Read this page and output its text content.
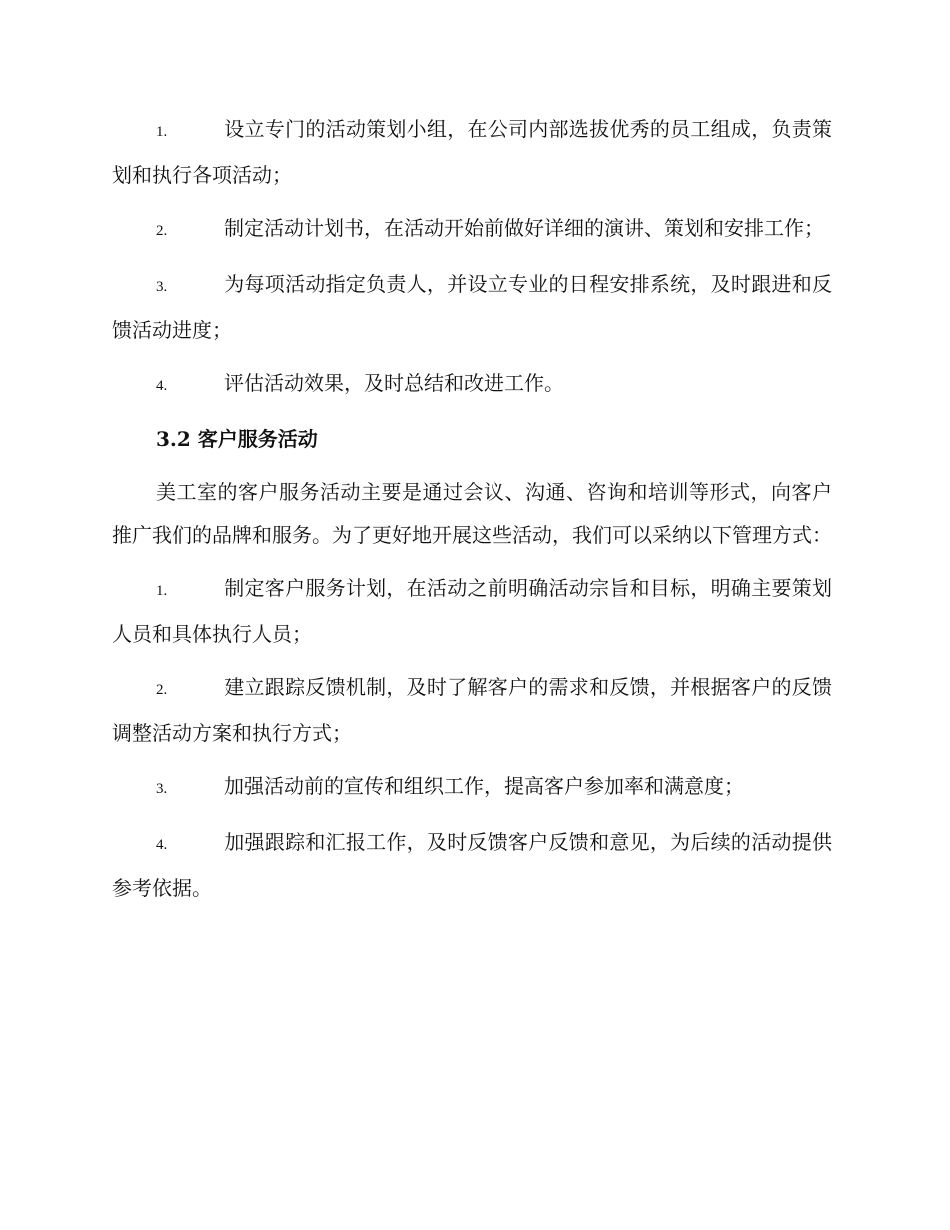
1.	设立专门的活动策划小组，在公司内部选拔优秀的员工组成，负责策划和执行各项活动；
2.	制定活动计划书，在活动开始前做好详细的演讲、策划和安排工作；
3.	为每项活动指定负责人，并设立专业的日程安排系统，及时跟进和反馈活动进度；
4.	评估活动效果，及时总结和改进工作。
3.2 客户服务活动
美工室的客户服务活动主要是通过会议、沟通、咨询和培训等形式，向客户推广我们的品牌和服务。为了更好地开展这些活动，我们可以采纳以下管理方式：
1.	制定客户服务计划，在活动之前明确活动宗旨和目标，明确主要策划人员和具体执行人员；
2.	建立跟踪反馈机制，及时了解客户的需求和反馈，并根据客户的反馈调整活动方案和执行方式；
3.	加强活动前的宣传和组织工作，提高客户参加率和满意度；
4.	加强跟踪和汇报工作，及时反馈客户反馈和意见，为后续的活动提供参考依据。
